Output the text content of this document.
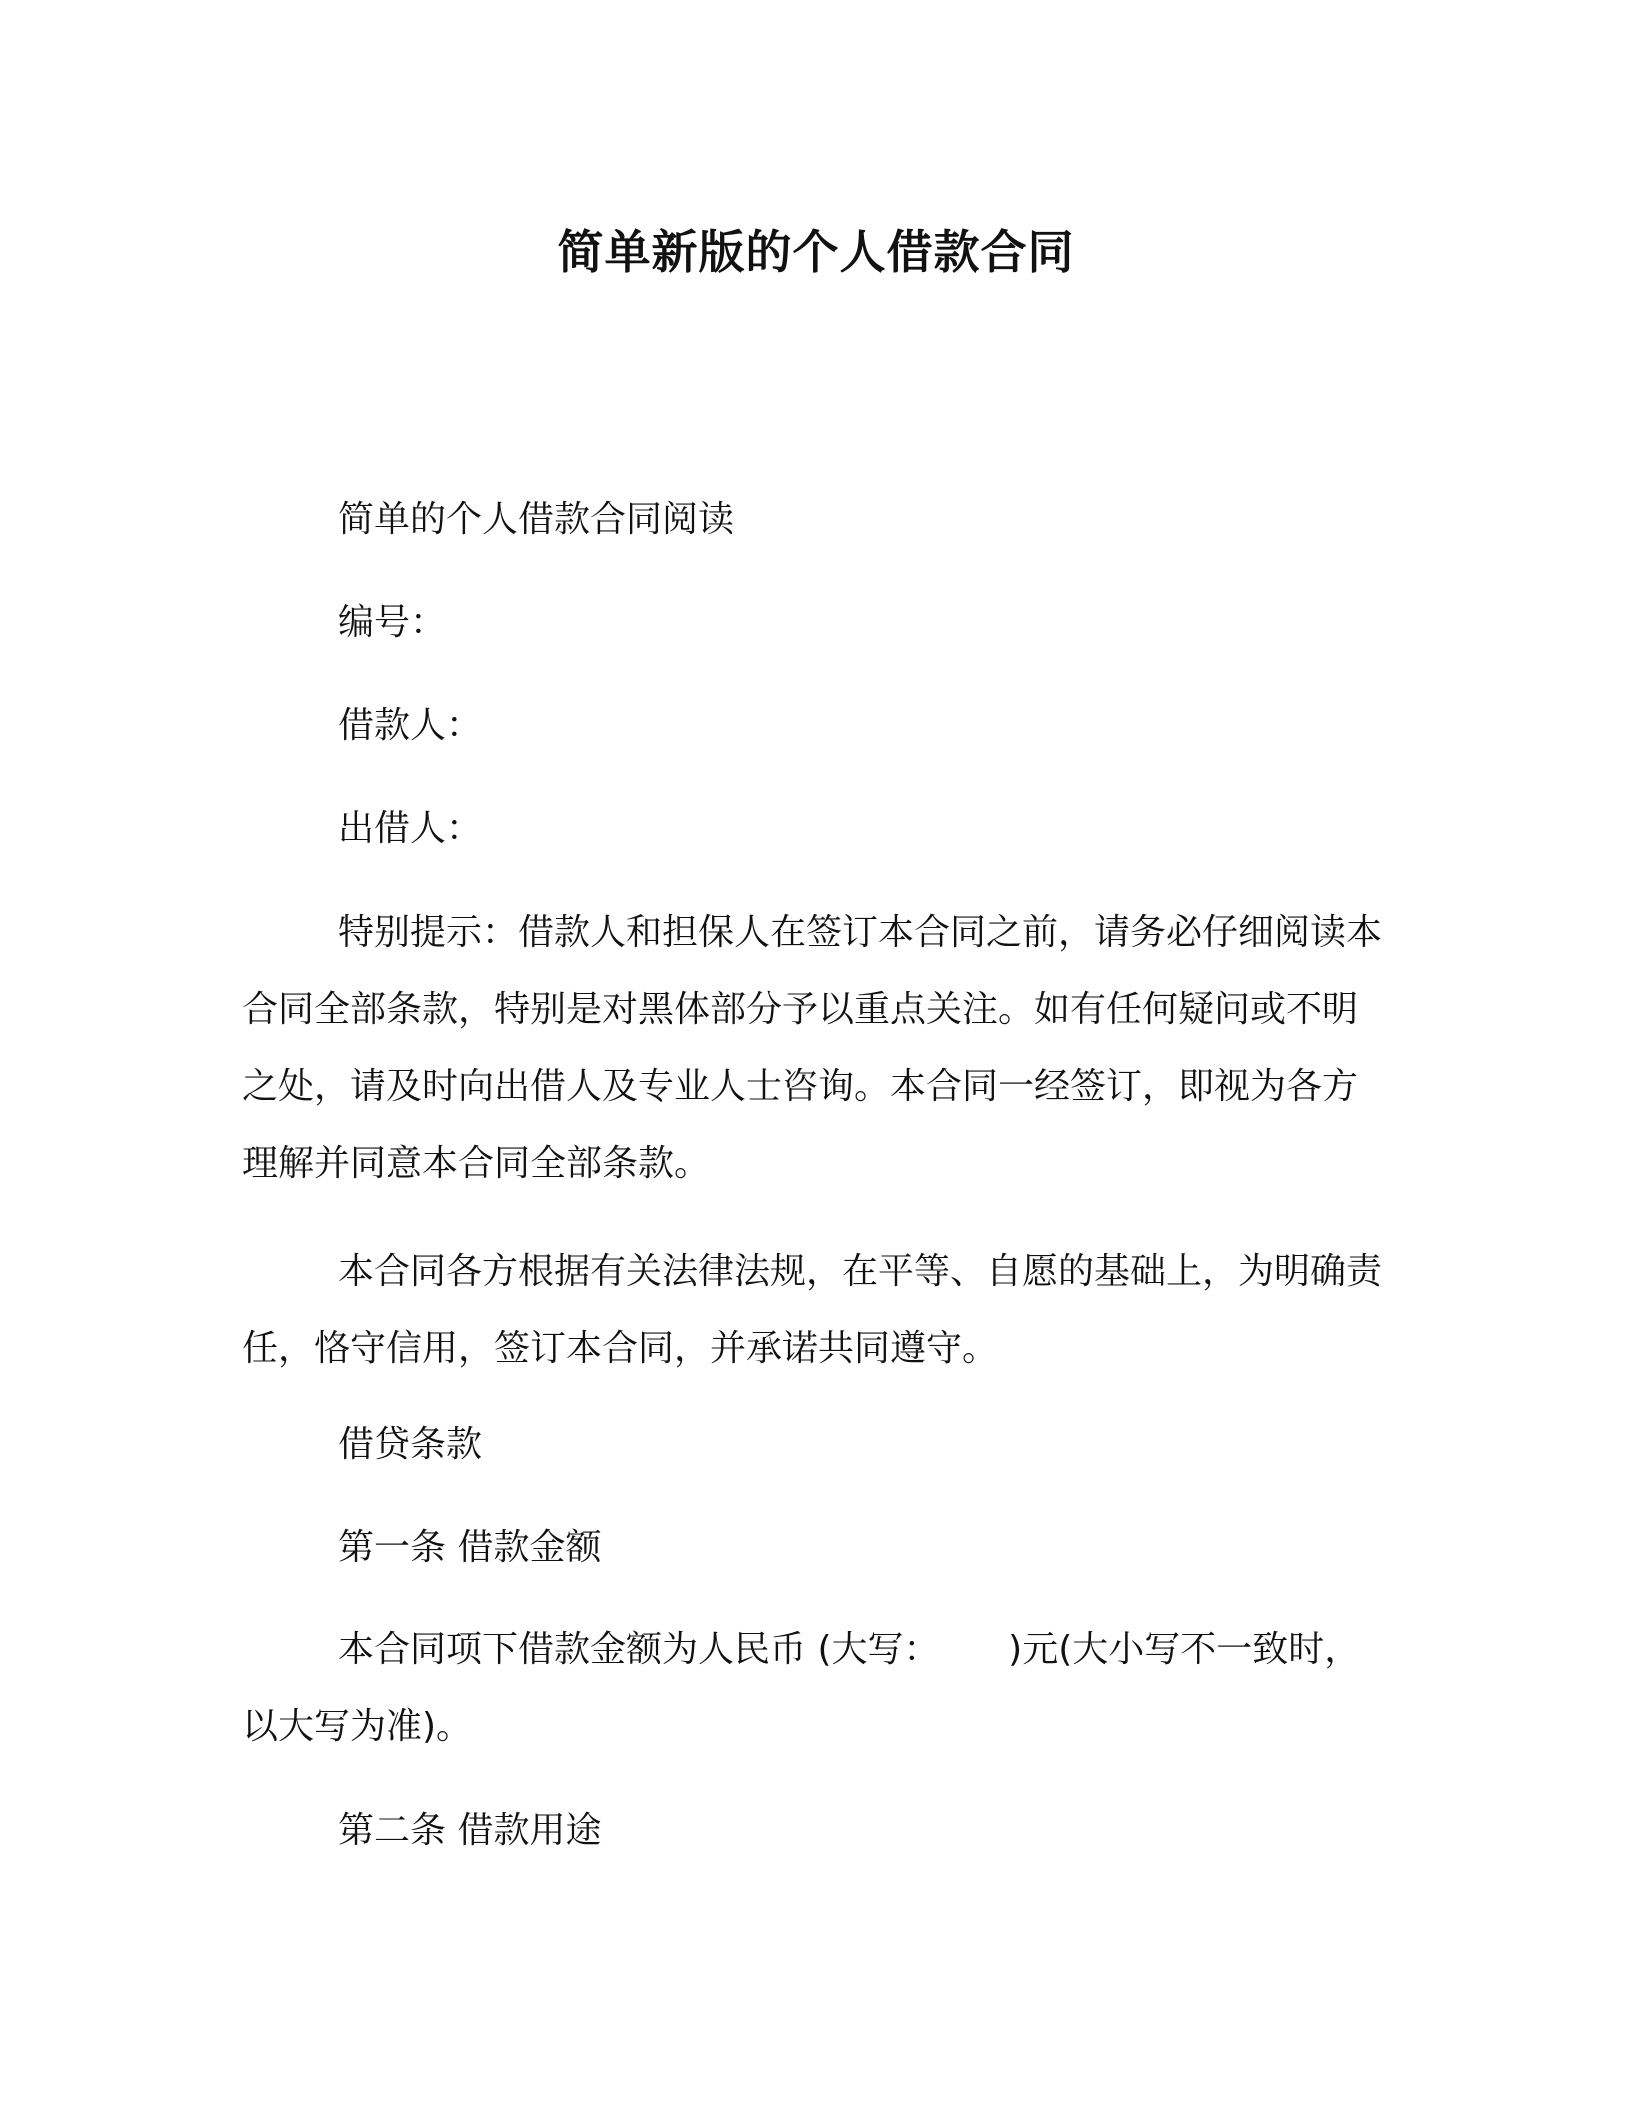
简单新版的个人借款合同
简单的个人借款合同阅读
编号：
借款人：
出借人：

特别提示：借款人和担保人在签订本合同之前，请务必仔细阅读本合同全部条款，特别是对黑体部分予以重点关注。如有任何疑问或不明之处，请及时向出借人及专业人士咨询。本合同一经签订，即视为各方理解并同意本合同全部条款。

本合同各方根据有关法律法规，在平等、自愿的基础上，为明确责任，恪守信用，签订本合同，并承诺共同遵守。

借贷条款
第一条 借款金额

本合同项下借款金额为人民币 (大写：      )元(大小写不一致时，以大写为准)。

第二条 借款用途
